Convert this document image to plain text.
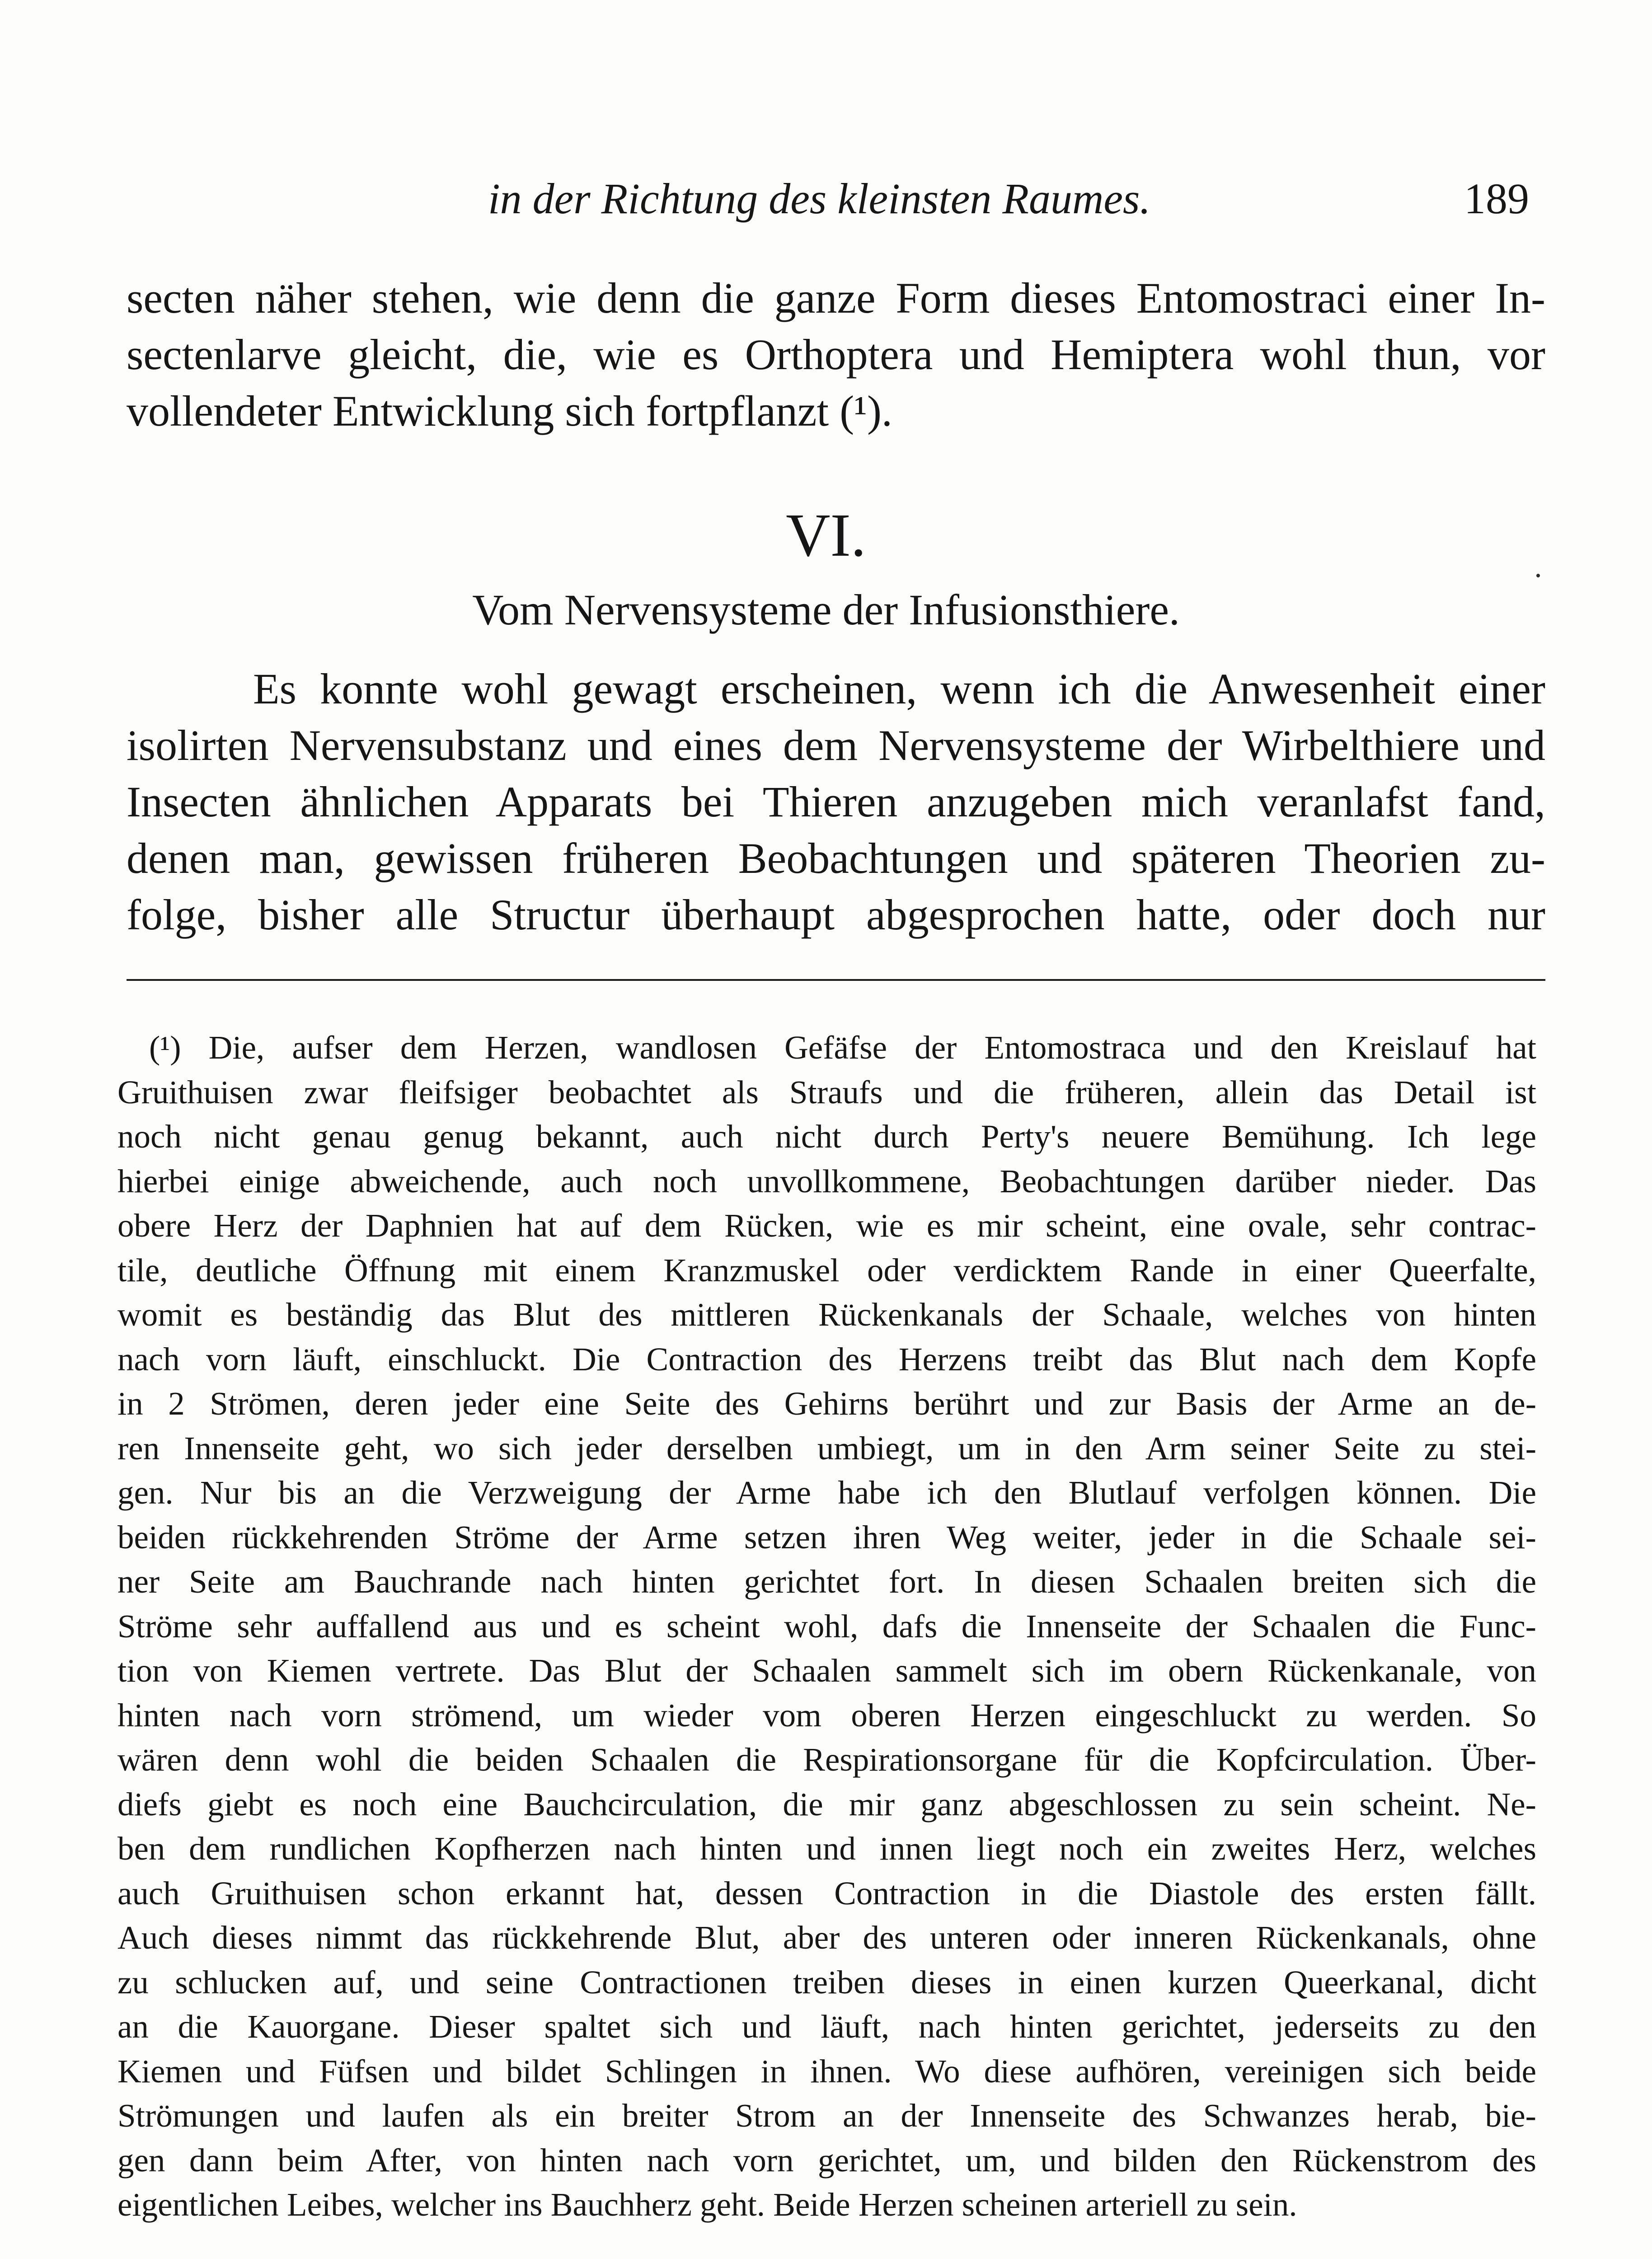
in der Richtung des kleinsten Raumes.	189
secten näher stehen, wie denn die ganze Form dieses Entomostraci einer In-
sectenlarve gleicht, die, wie es Orthoptera und Hemiptera wohl thun, vor
vollendeter Entwicklung sich fortpflanzt (¹).
VI.
Vom Nervensysteme der Infusionsthiere.
Es konnte wohl gewagt erscheinen, wenn ich die Anwesenheit einer
isolirten Nervensubstanz und eines dem Nervensysteme der Wirbelthiere und
Insecten ähnlichen Apparats bei Thieren anzugeben mich veranlafst fand,
denen man, gewissen früheren Beobachtungen und späteren Theorien zu-
folge, bisher alle Structur überhaupt abgesprochen hatte, oder doch nur
(¹) Die, aufser dem Herzen, wandlosen Gefäfse der Entomostraca und den Kreislauf hat
Gruithuisen zwar fleifsiger beobachtet als Straufs und die früheren, allein das Detail ist
noch nicht genau genug bekannt, auch nicht durch Perty's neuere Bemühung. Ich lege
hierbei einige abweichende, auch noch unvollkommene, Beobachtungen darüber nieder. Das
obere Herz der Daphnien hat auf dem Rücken, wie es mir scheint, eine ovale, sehr contrac-
tile, deutliche Öffnung mit einem Kranzmuskel oder verdicktem Rande in einer Queerfalte,
womit es beständig das Blut des mittleren Rückenkanals der Schaale, welches von hinten
nach vorn läuft, einschluckt. Die Contraction des Herzens treibt das Blut nach dem Kopfe
in 2 Strömen, deren jeder eine Seite des Gehirns berührt und zur Basis der Arme an de-
ren Innenseite geht, wo sich jeder derselben umbiegt, um in den Arm seiner Seite zu stei-
gen. Nur bis an die Verzweigung der Arme habe ich den Blutlauf verfolgen können. Die
beiden rückkehrenden Ströme der Arme setzen ihren Weg weiter, jeder in die Schaale sei-
ner Seite am Bauchrande nach hinten gerichtet fort. In diesen Schaalen breiten sich die
Ströme sehr auffallend aus und es scheint wohl, dafs die Innenseite der Schaalen die Func-
tion von Kiemen vertrete. Das Blut der Schaalen sammelt sich im obern Rückenkanale, von
hinten nach vorn strömend, um wieder vom oberen Herzen eingeschluckt zu werden. So
wären denn wohl die beiden Schaalen die Respirationsorgane für die Kopfcirculation. Über-
diefs giebt es noch eine Bauchcirculation, die mir ganz abgeschlossen zu sein scheint. Ne-
ben dem rundlichen Kopfherzen nach hinten und innen liegt noch ein zweites Herz, welches
auch Gruithuisen schon erkannt hat, dessen Contraction in die Diastole des ersten fällt.
Auch dieses nimmt das rückkehrende Blut, aber des unteren oder inneren Rückenkanals, ohne
zu schlucken auf, und seine Contractionen treiben dieses in einen kurzen Queerkanal, dicht
an die Kauorgane. Dieser spaltet sich und läuft, nach hinten gerichtet, jederseits zu den
Kiemen und Füfsen und bildet Schlingen in ihnen. Wo diese aufhören, vereinigen sich beide
Strömungen und laufen als ein breiter Strom an der Innenseite des Schwanzes herab, bie-
gen dann beim After, von hinten nach vorn gerichtet, um, und bilden den Rückenstrom des
eigentlichen Leibes, welcher ins Bauchherz geht. Beide Herzen scheinen arteriell zu sein.
